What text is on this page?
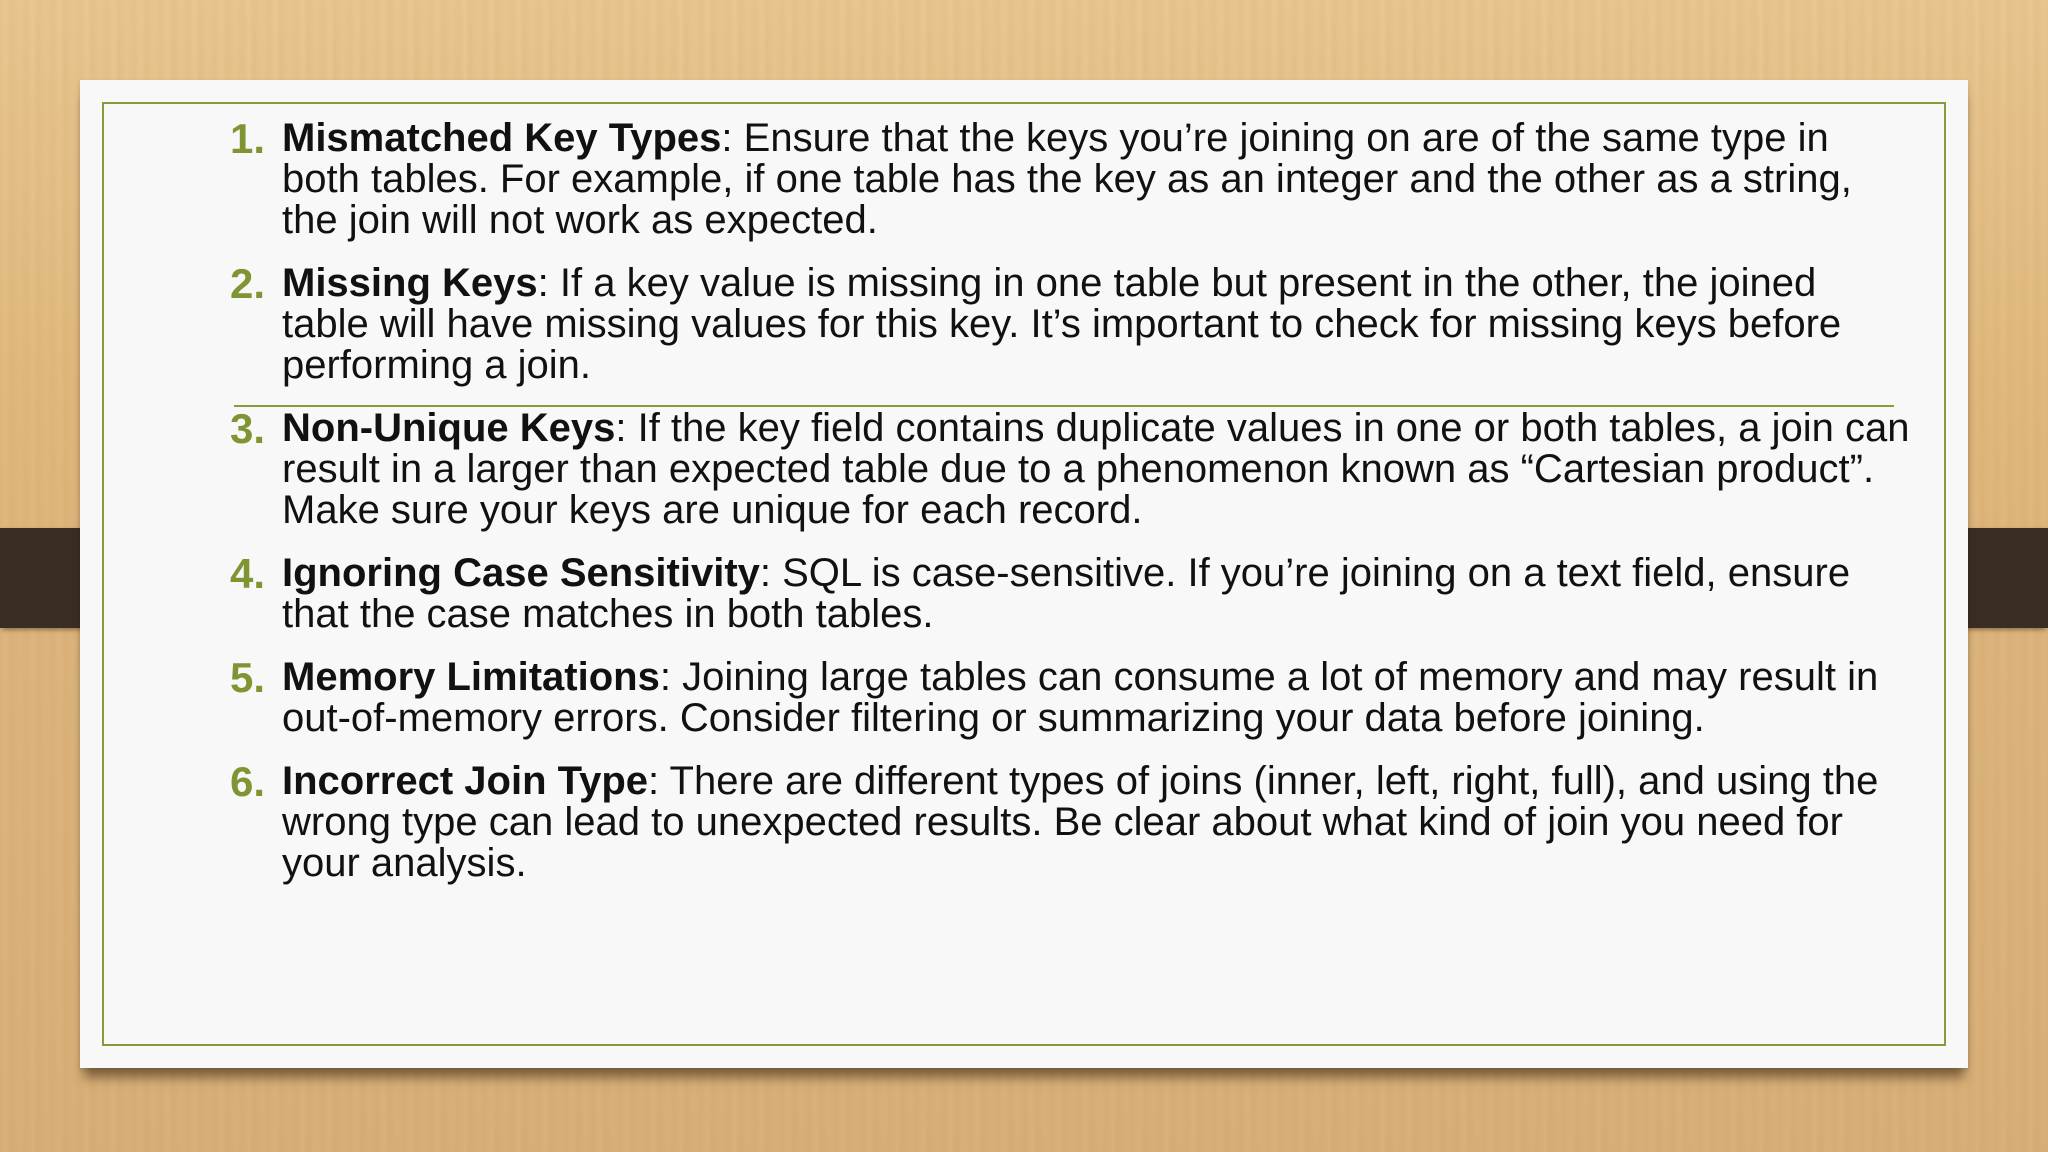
1. Mismatched Key Types: Ensure that the keys you’re joining on are of the same type in both tables. For example, if one table has the key as an integer and the other as a string, the join will not work as expected.
2. Missing Keys: If a key value is missing in one table but present in the other, the joined table will have missing values for this key. It’s important to check for missing keys before performing a join.
3. Non-Unique Keys: If the key field contains duplicate values in one or both tables, a join can result in a larger than expected table due to a phenomenon known as “Cartesian product”. Make sure your keys are unique for each record.
4. Ignoring Case Sensitivity: SQL is case-sensitive. If you’re joining on a text field, ensure that the case matches in both tables.
5. Memory Limitations: Joining large tables can consume a lot of memory and may result in out-of-memory errors. Consider filtering or summarizing your data before joining.
6. Incorrect Join Type: There are different types of joins (inner, left, right, full), and using the wrong type can lead to unexpected results. Be clear about what kind of join you need for your analysis.
